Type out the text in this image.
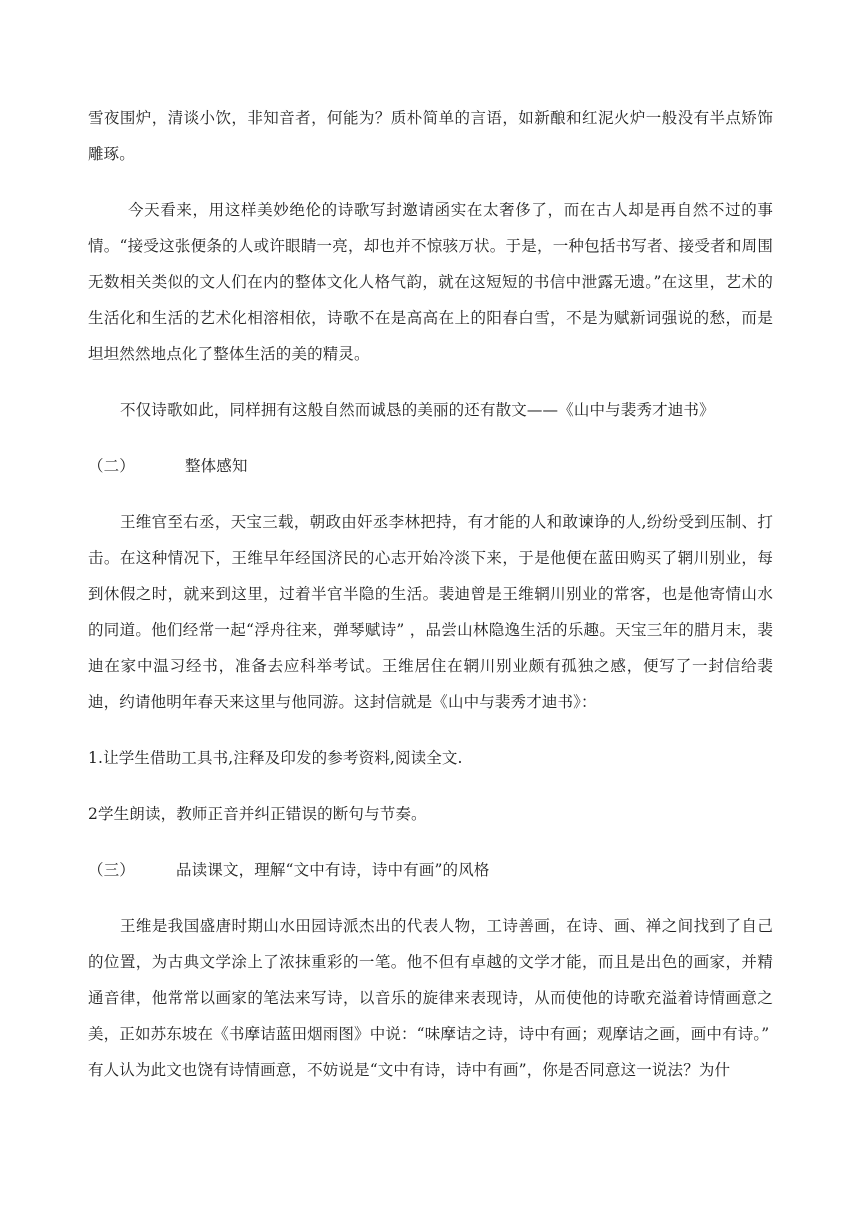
雪夜围炉，清谈小饮，非知音者，何能为？质朴简单的言语，如新酿和红泥火炉一般没有半点矫饰雕琢。

今天看来，用这样美妙绝伦的诗歌写封邀请函实在太奢侈了，而在古人却是再自然不过的事情。“接受这张便条的人或许眼睛一亮，却也并不惊骇万状。于是，一种包括书写者、接受者和周围无数相关类似的文人们在内的整体文化人格气韵，就在这短短的书信中泄露无遗。”在这里，艺术的生活化和生活的艺术化相溶相依，诗歌不在是高高在上的阳春白雪，不是为赋新词强说的愁，而是坦坦然然地点化了整体生活的美的精灵。

不仅诗歌如此，同样拥有这般自然而诚恳的美丽的还有散文——《山中与裴秀才迪书》

（二）	整体感知

王维官至右丞，天宝三载，朝政由奸丞李林把持，有才能的人和敢谏诤的人,纷纷受到压制、打击。在这种情况下，王维早年经国济民的心志开始冷淡下来，于是他便在蓝田购买了辋川别业，每到休假之时，就来到这里，过着半官半隐的生活。裴迪曾是王维辋川别业的常客，也是他寄情山水的同道。他们经常一起“浮舟往来，弹琴赋诗” ，品尝山林隐逸生活的乐趣。天宝三年的腊月末，裴迪在家中温习经书，准备去应科举考试。王维居住在辋川别业颇有孤独之感，便写了一封信给裴迪，约请他明年春天来这里与他同游。这封信就是《山中与裴秀才迪书》：

1.让学生借助工具书,注释及印发的参考资料,阅读全文.

2学生朗读，教师正音并纠正错误的断句与节奏。

（三）	品读课文，理解“文中有诗，诗中有画”的风格

王维是我国盛唐时期山水田园诗派杰出的代表人物，工诗善画，在诗、画、禅之间找到了自己的位置，为古典文学涂上了浓抹重彩的一笔。他不但有卓越的文学才能，而且是出色的画家，并精通音律，他常常以画家的笔法来写诗，以音乐的旋律来表现诗，从而使他的诗歌充溢着诗情画意之美，正如苏东坡在《书摩诘蓝田烟雨图》中说：“味摩诘之诗，诗中有画；观摩诘之画，画中有诗。”

有人认为此文也饶有诗情画意，不妨说是“文中有诗，诗中有画”，你是否同意这一说法？为什
